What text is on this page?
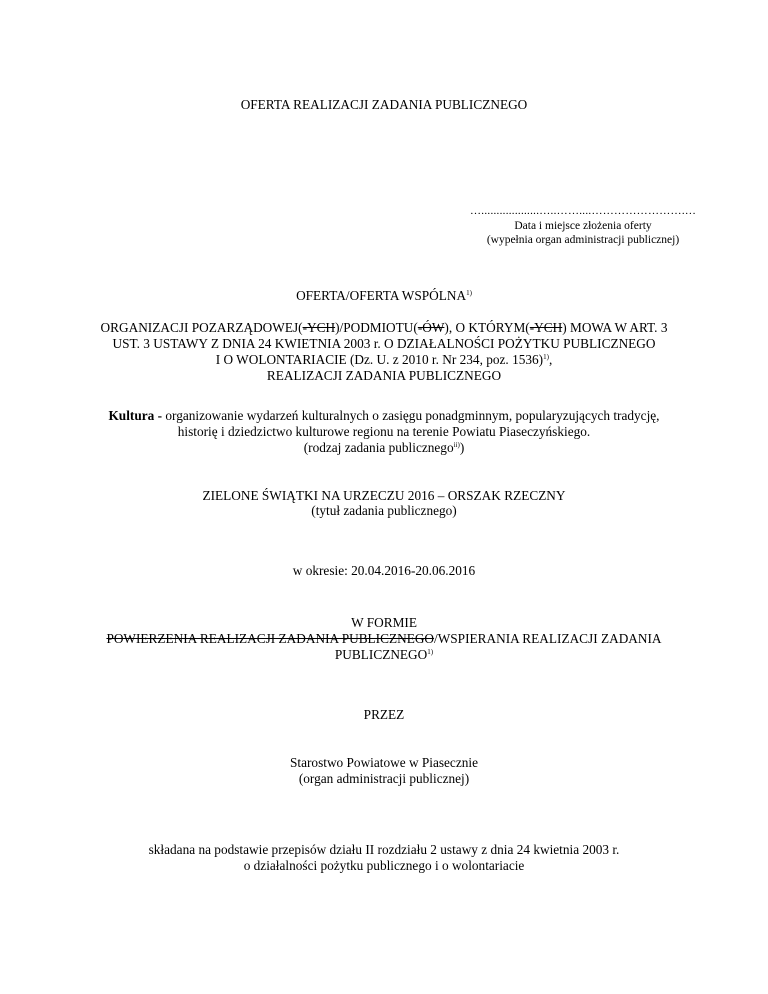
OFERTA REALIZACJI ZADANIA PUBLICZNEGO
…...................…..……....…………………….…
Data i miejsce złożenia oferty
(wypełnia organ administracji publicznej)
OFERTA/OFERTA WSPÓLNA$^{1)}$
ORGANIZACJI POZARZĄDOWEJ(-YCH)/PODMIOTU(-ÓW), O KTÓRYM(-YCH) MOWA W ART. 3
UST. 3 USTAWY Z DNIA 24 KWIETNIA 2003 r. O DZIAŁALNOŚCI POŻYTKU PUBLICZNEGO
I O WOLONTARIACIE (Dz. U. z 2010 r. Nr 234, poz. 1536)$^{1)}$,
REALIZACJI ZADANIA PUBLICZNEGO
Kultura - organizowanie wydarzeń kulturalnych o zasięgu ponadgminnym, popularyzujących tradycję,
historię i dziedzictwo kulturowe regionu na terenie Powiatu Piaseczyńskiego.
(rodzaj zadania publicznego$^{ii)}$)
ZIELONE ŚWIĄTKI NA URZECZU 2016 – ORSZAK RZECZNY
(tytuł zadania publicznego)
w okresie: 20.04.2016-20.06.2016
W FORMIE
POWIERZENIA REALIZACJI ZADANIA PUBLICZNEGO/WSPIERANIA REALIZACJI ZADANIA
PUBLICZNEGO$^{1)}$
PRZEZ
Starostwo Powiatowe w Piasecznie
(organ administracji publicznej)
składana na podstawie przepisów działu II rozdziału 2 ustawy z dnia 24 kwietnia 2003 r.
o działalności pożytku publicznego i o wolontariacie
